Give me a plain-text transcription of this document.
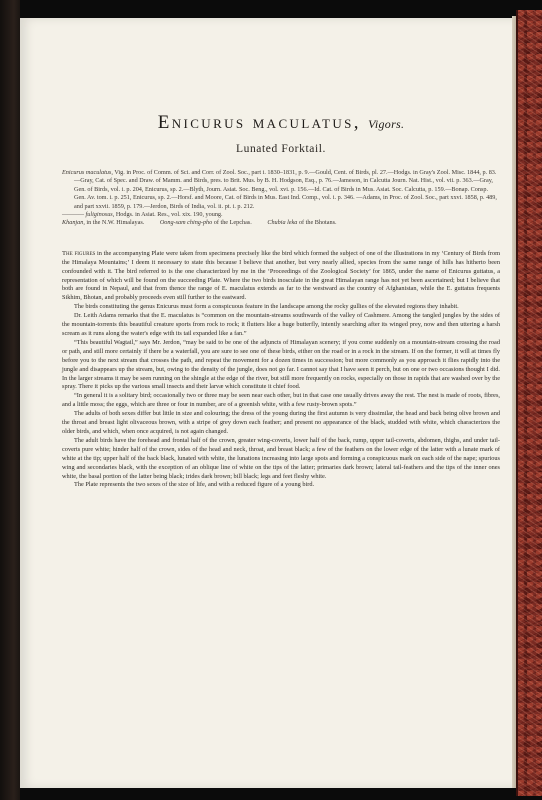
Enicurus maculatus, Vigors.
Lunated Forktail.
Enicurus maculatus, Vig. in Proc. of Comm. of Sci. and Corr. of Zool. Soc., part i. 1830–1831, p. 9.—Gould, Cent. of Birds, pl. 27.—Hodgs. in Gray's Zool. Misc. 1844, p. 83.—Gray, Cat. of Spec. and Draw. of Mamm. and Birds, pres. to Brit. Mus. by B. H. Hodgson, Esq., p. 76.—Jameson, in Calcutta Journ. Nat. Hist., vol. vii. p. 363.—Gray, Gen. of Birds, vol. i. p. 204, Enicurus, sp. 2.—Blyth, Journ. Asiat. Soc. Beng., vol. xvi. p. 156.—Id. Cat. of Birds in Mus. Asiat. Soc. Calcutta, p. 159.—Bonap. Consp. Gen. Av. tom. i. p. 251, Enicurus, sp. 2.—Horsf. and Moore, Cat. of Birds in Mus. East Ind. Comp., vol. i. p. 346. —Adams, in Proc. of Zool. Soc., part xxvi. 1858, p. 489, and part xxvii. 1859, p. 179.—Jerdon, Birds of India, vol. ii. pt. i. p. 212.
———— fuliginosus, Hodgs. in Asiat. Res., vol. xix. 190, young.
Khanjan, in the N.W. Himalayas.	Oong-sam ching-pho of the Lepchas.	Chubia leka of the Bhotans.

The figures in the accompanying Plate were taken from specimens precisely like the bird which formed the subject of one of the illustrations in my ‘Century of Birds from the Himalaya Mountains;’ I deem it necessary to state this because I believe that another, but very nearly allied, species from the same range of hills has hitherto been confounded with it. The bird referred to is the one characterized by me in the ‘Proceedings of the Zoological Society’ for 1865, under the name of Enicurus guttatus, a representation of which will be found on the succeeding Plate. Where the two birds inosculate in the great Himalayan range has not yet been ascertained; but I believe that both are found in Nepaul, and that from thence the range of E. maculatus extends as far to the westward as the country of Afghanistan, while the E. guttatus frequents Sikhim, Bhotan, and probably proceeds even still further to the eastward.

The birds constituting the genus Enicurus must form a conspicuous feature in the landscape among the rocky gullies of the elevated regions they inhabit.

Dr. Leith Adams remarks that the E. maculatus is “common on the mountain-streams southwards of the valley of Cashmere. Among the tangled jungles by the sides of the mountain-torrents this beautiful creature sports from rock to rock; it flutters like a huge butterfly, intently searching after its winged prey, now and then uttering a harsh scream as it runs along the water's edge with its tail expanded like a fan.”

“This beautiful Wagtail,” says Mr. Jerdon, “may be said to be one of the adjuncts of Himalayan scenery; if you come suddenly on a mountain-stream crossing the road or path, and still more certainly if there be a waterfall, you are sure to see one of these birds, either on the road or in a rock in the stream. If on the former, it will at times fly before you to the next stream that crosses the path, and repeat the movement for a dozen times in succession; but more commonly as you approach it flies rapidly into the jungle and disappears up the stream, but, owing to the density of the jungle, does not go far. I cannot say that I have seen it perch, but on one or two occasions thought I did. In the larger streams it may be seen running on the shingle at the edge of the river, but still more frequently on rocks, especially on those in rapids that are washed over by the spray. There it picks up the various small insects and their larvæ which constitute it chief food.

“In general it is a solitary bird; occasionally two or three may be seen near each other, but in that case one usually drives away the rest. The nest is made of roots, fibres, and a little moss; the eggs, which are three or four in number, are of a greenish white, with a few rusty-brown spots.”

The adults of both sexes differ but little in size and colouring; the dress of the young during the first autumn is very dissimilar, the head and back being olive brown and the throat and breast light olivaceous brown, with a stripe of grey down each feather; and present no appearance of the black, studded with white, which characterizes the older birds, and which, when once acquired, is not again changed.

The adult birds have the forehead and frontal half of the crown, greater wing-coverts, lower half of the back, rump, upper tail-coverts, abdomen, thighs, and under tail-coverts pure white; hinder half of the crown, sides of the head and neck, throat, and breast black; a few of the feathers on the lower edge of the latter with a lunate mark of white at the tip; upper half of the back black, lunated with white, the lunations increasing into large spots and forming a conspicuous mark on each side of the nape; spurious wing and secondaries black, with the exception of an oblique line of white on the tips of the latter; primaries dark brown; lateral tail-feathers and the tips of the inner ones white, the basal portion of the latter being black; irides dark brown; bill black; legs and feet fleshy white.

The Plate represents the two sexes of the size of life, and with a reduced figure of a young bird.
